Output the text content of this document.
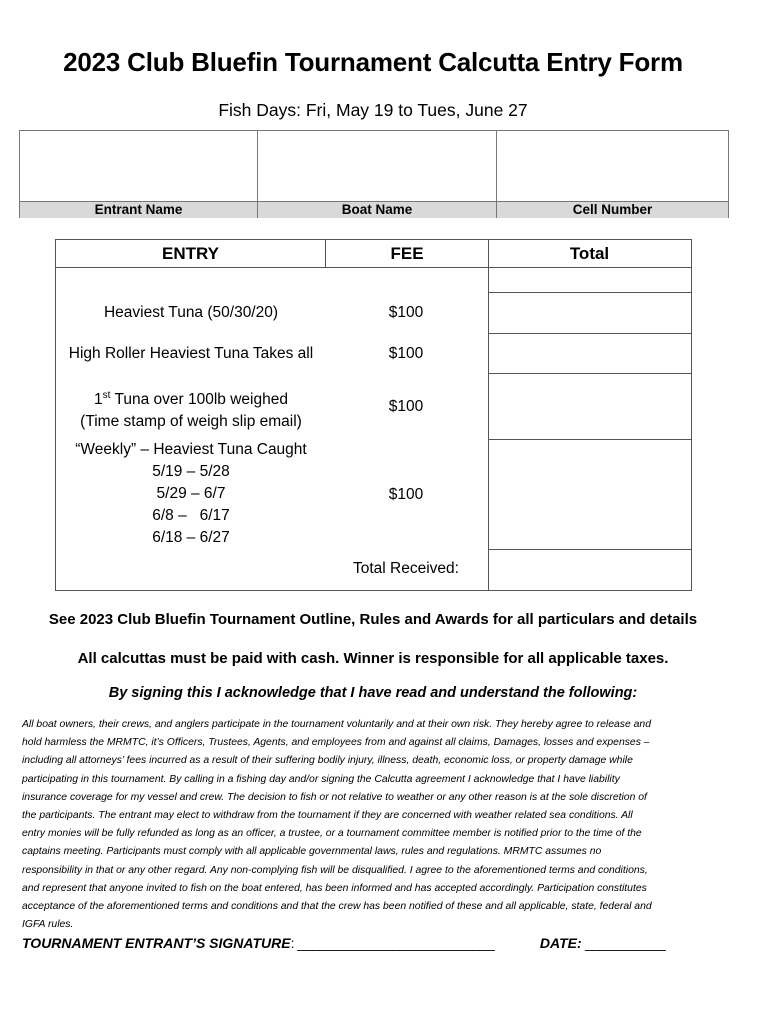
2023 Club Bluefin Tournament Calcutta Entry Form
Fish Days: Fri, May 19 to Tues, June 27
Entrant Name	Boat Name	Cell Number
ENTRY	FEE	Total
Heaviest Tuna (50/30/20)	$100
High Roller Heaviest Tuna Takes all	$100
1st Tuna over 100lb weighed
(Time stamp of weigh slip email)
$100
“Weekly” – Heaviest Tuna Caught
5/19 – 5/28
5/29 – 6/7
6/8 –   6/17
6/18 – 6/27
$100
Total Received:
See 2023 Club Bluefin Tournament Outline, Rules and Awards for all particulars and details
All calcuttas must be paid with cash. Winner is responsible for all applicable taxes.
By signing this I acknowledge that I have read and understand the following:
All boat owners, their crews, and anglers participate in the tournament voluntarily and at their own risk. They hereby agree to release and
hold harmless the MRMTC, it’s Officers, Trustees, Agents, and employees from and against all claims, Damages, losses and expenses –
including all attorneys’ fees incurred as a result of their suffering bodily injury, illness, death, economic loss, or property damage while
participating in this tournament. By calling in a fishing day and/or signing the Calcutta agreement I acknowledge that I have liability
insurance coverage for my vessel and crew. The decision to fish or not relative to weather or any other reason is at the sole discretion of
the participants. The entrant may elect to withdraw from the tournament if they are concerned with weather related sea conditions. All
entry monies will be fully refunded as long as an officer, a trustee, or a tournament committee member is notified prior to the time of the
captains meeting. Participants must comply with all applicable governmental laws, rules and regulations. MRMTC assumes no
responsibility in that or any other regard. Any non-complying fish will be disqualified. I agree to the aforementioned terms and conditions,
and represent that anyone invited to fish on the boat entered, has been informed and has accepted accordingly. Participation constitutes
acceptance of the aforementioned terms and conditions and that the crew has been notified of these and all applicable, state, federal and
IGFA rules.
TOURNAMENT ENTRANT’S SIGNATURE: ___________________________	DATE: ___________
